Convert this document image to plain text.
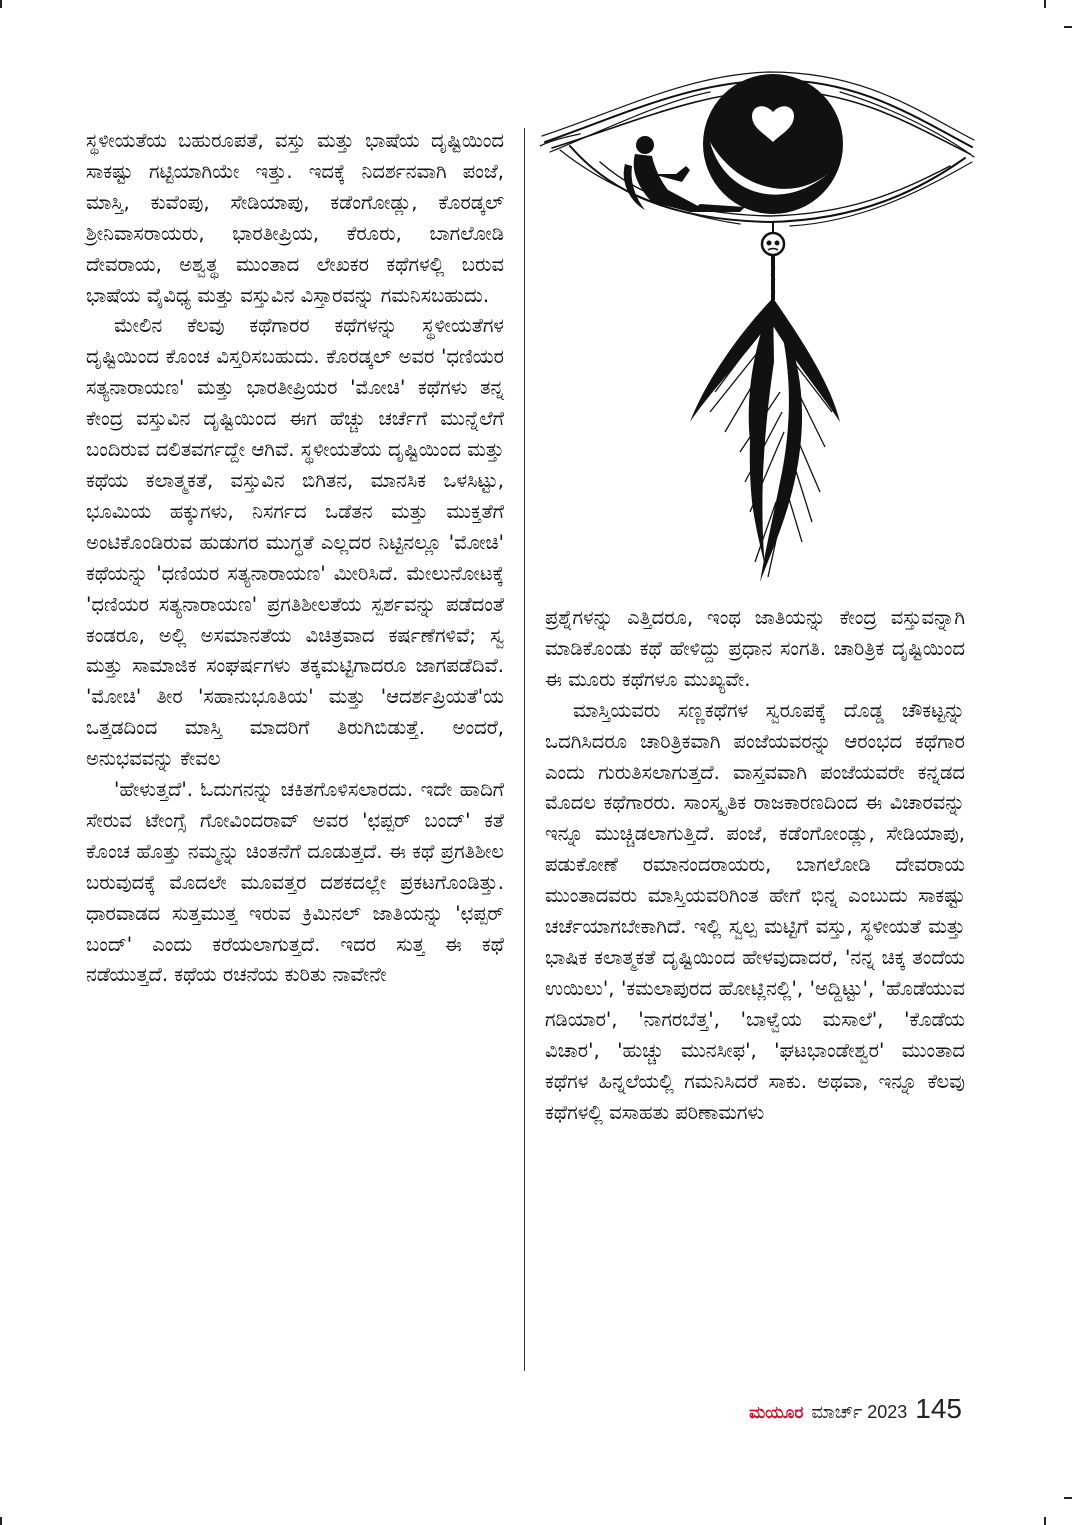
ಸ್ಥಳೀಯತೆಯ ಬಹುರೂಪತೆ, ವಸ್ತು ಮತ್ತು ಭಾಷೆಯ ದೃಷ್ಟಿಯಿಂದ ಸಾಕಷ್ಟು ಗಟ್ಟಿಯಾಗಿಯೇ ಇತ್ತು. ಇದಕ್ಕೆ ನಿದರ್ಶನವಾಗಿ ಪಂಜೆ, ಮಾಸ್ತಿ, ಕುವೆಂಪು, ಸೇಡಿಯಾಪು, ಕಡೆಂಗೋಡ್ಲು, ಕೊರಡ್ಕಲ್ ಶ್ರೀನಿವಾಸರಾಯರು, ಭಾರತೀಪ್ರಿಯ, ಕೆರೂರು, ಬಾಗಲೋಡಿ ದೇವರಾಯ, ಅಶ್ವತ್ಥ ಮುಂತಾದ ಲೇಖಕರ ಕಥೆಗಳಲ್ಲಿ ಬರುವ ಭಾಷೆಯ ವೈವಿಧ್ಯ ಮತ್ತು ವಸ್ತುವಿನ ವಿಸ್ತಾರವನ್ನು ಗಮನಿಸಬಹುದು.

ಮೇಲಿನ ಕೆಲವು ಕಥೆಗಾರರ ಕಥೆಗಳನ್ನು ಸ್ಥಳೀಯತೆಗಳ ದೃಷ್ಟಿಯಿಂದ ಕೊಂಚ ವಿಸ್ತರಿಸಬಹುದು. ಕೊರಡ್ಕಲ್ ಅವರ 'ಧಣಿಯರ ಸತ್ಯನಾರಾಯಣ' ಮತ್ತು ಭಾರತೀಪ್ರಿಯರ 'ಮೋಚಿ' ಕಥೆಗಳು ತನ್ನ ಕೇಂದ್ರ ವಸ್ತುವಿನ ದೃಷ್ಟಿಯಿಂದ ಈಗ ಹೆಚ್ಚು ಚರ್ಚೆಗೆ ಮುನ್ನೆಲೆಗೆ ಬಂದಿರುವ ದಲಿತವರ್ಗದ್ದೇ ಆಗಿವೆ. ಸ್ಥಳೀಯತೆಯ ದೃಷ್ಟಿಯಿಂದ ಮತ್ತು ಕಥೆಯ ಕಲಾತ್ಮಕತೆ, ವಸ್ತುವಿನ ಬಿಗಿತನ, ಮಾನಸಿಕ ಒಳಸಿಟ್ಟು, ಭೂಮಿಯ ಹಕ್ಕುಗಳು, ನಿಸರ್ಗದ ಒಡೆತನ ಮತ್ತು ಮುಕ್ತತೆಗೆ ಅಂಟಿಕೊಂಡಿರುವ ಹುಡುಗರ ಮುಗ್ಧತೆ ಎಲ್ಲದರ ನಿಟ್ಟಿನಲ್ಲೂ 'ಮೋಚಿ' ಕಥೆಯನ್ನು 'ಧಣಿಯರ ಸತ್ಯನಾರಾಯಣ' ಮೀರಿಸಿದೆ. ಮೇಲುನೋಟಕ್ಕೆ 'ಧಣಿಯರ ಸತ್ಯನಾರಾಯಣ' ಪ್ರಗತಿಶೀಲತೆಯ ಸ್ಪರ್ಶವನ್ನು ಪಡೆದಂತೆ ಕಂಡರೂ, ಅಲ್ಲಿ ಅಸಮಾನತೆಯ ವಿಚಿತ್ರವಾದ ಕರ್ಷಣೆಗಳಿವೆ; ಸ್ವ ಮತ್ತು ಸಾಮಾಜಿಕ ಸಂಘರ್ಷಗಳು ತಕ್ಕಮಟ್ಟಿಗಾದರೂ ಜಾಗಪಡೆದಿವೆ. 'ಮೋಚಿ' ತೀರ 'ಸಹಾನುಭೂತಿಯ' ಮತ್ತು 'ಆದರ್ಶಪ್ರಿಯತೆ'ಯ ಒತ್ತಡದಿಂದ ಮಾಸ್ತಿ ಮಾದರಿಗೆ ತಿರುಗಿಬಿಡುತ್ತೆ. ಅಂದರೆ, ಅನುಭವವನ್ನು ಕೇವಲ

'ಹೇಳುತ್ತದೆ'. ಓದುಗನನ್ನು ಚಕಿತಗೊಳಿಸಲಾರದು. ಇದೇ ಹಾದಿಗೆ ಸೇರುವ ಟೇಂಗ್ಸೆ ಗೋವಿಂದರಾವ್ ಅವರ 'ಛಪ್ಪರ್ ಬಂದ್' ಕತೆ ಕೊಂಚ ಹೊತ್ತು ನಮ್ಮನ್ನು ಚಿಂತನೆಗೆ ದೂಡುತ್ತದೆ. ಈ ಕಥೆ ಪ್ರಗತಿಶೀಲ ಬರುವುದಕ್ಕೆ ಮೊದಲೇ ಮೂವತ್ತರ ದಶಕದಲ್ಲೇ ಪ್ರಕಟಗೊಂಡಿತ್ತು. ಧಾರವಾಡದ ಸುತ್ತಮುತ್ತ ಇರುವ ಕ್ರಿಮಿನಲ್ ಜಾತಿಯನ್ನು 'ಛಪ್ಪರ್ ಬಂದ್' ಎಂದು ಕರೆಯಲಾಗುತ್ತದೆ. ಇದರ ಸುತ್ತ ಈ ಕಥೆ ನಡೆಯುತ್ತದೆ. ಕಥೆಯ ರಚನೆಯ ಕುರಿತು ನಾವೇನೇ

ಪ್ರಶ್ನೆಗಳನ್ನು ಎತ್ತಿದರೂ, ಇಂಥ ಜಾತಿಯನ್ನು ಕೇಂದ್ರ ವಸ್ತುವನ್ನಾಗಿ ಮಾಡಿಕೊಂಡು ಕಥೆ ಹೇಳಿದ್ದು ಪ್ರಧಾನ ಸಂಗತಿ. ಚಾರಿತ್ರಿಕ ದೃಷ್ಟಿಯಿಂದ ಈ ಮೂರು ಕಥೆಗಳೂ ಮುಖ್ಯವೇ.

ಮಾಸ್ತಿಯವರು ಸಣ್ಣಕಥೆಗಳ ಸ್ವರೂಪಕ್ಕೆ ದೊಡ್ಡ ಚೌಕಟ್ಟನ್ನು ಒದಗಿಸಿದರೂ ಚಾರಿತ್ರಿಕವಾಗಿ ಪಂಜೆಯವರನ್ನು ಆರಂಭದ ಕಥೆಗಾರ ಎಂದು ಗುರುತಿಸಲಾಗುತ್ತದೆ. ವಾಸ್ತವವಾಗಿ ಪಂಜೆಯವರೇ ಕನ್ನಡದ ಮೊದಲ ಕಥೆಗಾರರು. ಸಾಂಸ್ಕೃತಿಕ ರಾಜಕಾರಣದಿಂದ ಈ ವಿಚಾರವನ್ನು ಇನ್ನೂ ಮುಚ್ಚಿಡಲಾಗುತ್ತಿದೆ. ಪಂಜೆ, ಕಡೆಂಗೋಂಡ್ಲು, ಸೇಡಿಯಾಪು, ಪಡುಕೋಣೆ ರಮಾನಂದರಾಯರು, ಬಾಗಲೋಡಿ ದೇವರಾಯ ಮುಂತಾದವರು ಮಾಸ್ತಿಯವರಿಗಿಂತ ಹೇಗೆ ಭಿನ್ನ ಎಂಬುದು ಸಾಕಷ್ಟು ಚರ್ಚೆಯಾಗಬೇಕಾಗಿದೆ. ಇಲ್ಲಿ ಸ್ವಲ್ಪ ಮಟ್ಟಿಗೆ ವಸ್ತು, ಸ್ಥಳೀಯತೆ ಮತ್ತು ಭಾಷಿಕ ಕಲಾತ್ಮಕತೆ ದೃಷ್ಟಿಯಿಂದ ಹೇಳವುದಾದರೆ, 'ನನ್ನ ಚಿಕ್ಕ ತಂದೆಯ ಉಯಿಲು', 'ಕಮಲಾಪುರದ ಹೋಟ್ಲಿನಲ್ಲಿ', 'ಅದ್ದಿಟ್ಟು', 'ಹೊಡೆಯುವ ಗಡಿಯಾರ', 'ನಾಗರಬೆತ್ತ', 'ಬಾಳ್ವೆಯ ಮಸಾಲೆ', 'ಕೊಡೆಯ ವಿಚಾರ', 'ಹುಚ್ಚು ಮುನಸೀಫ', 'ಘಟಭಾಂಡೇಶ್ವರ' ಮುಂತಾದ ಕಥೆಗಳ ಹಿನ್ನಲೆಯಲ್ಲಿ ಗಮನಿಸಿದರೆ ಸಾಕು. ಅಥವಾ, ಇನ್ನೂ ಕೆಲವು ಕಥೆಗಳಲ್ಲಿ ವಸಾಹತು ಪರಿಣಾಮಗಳು

ಮಯೂರ ಮಾರ್ಚ್ 2023 145
